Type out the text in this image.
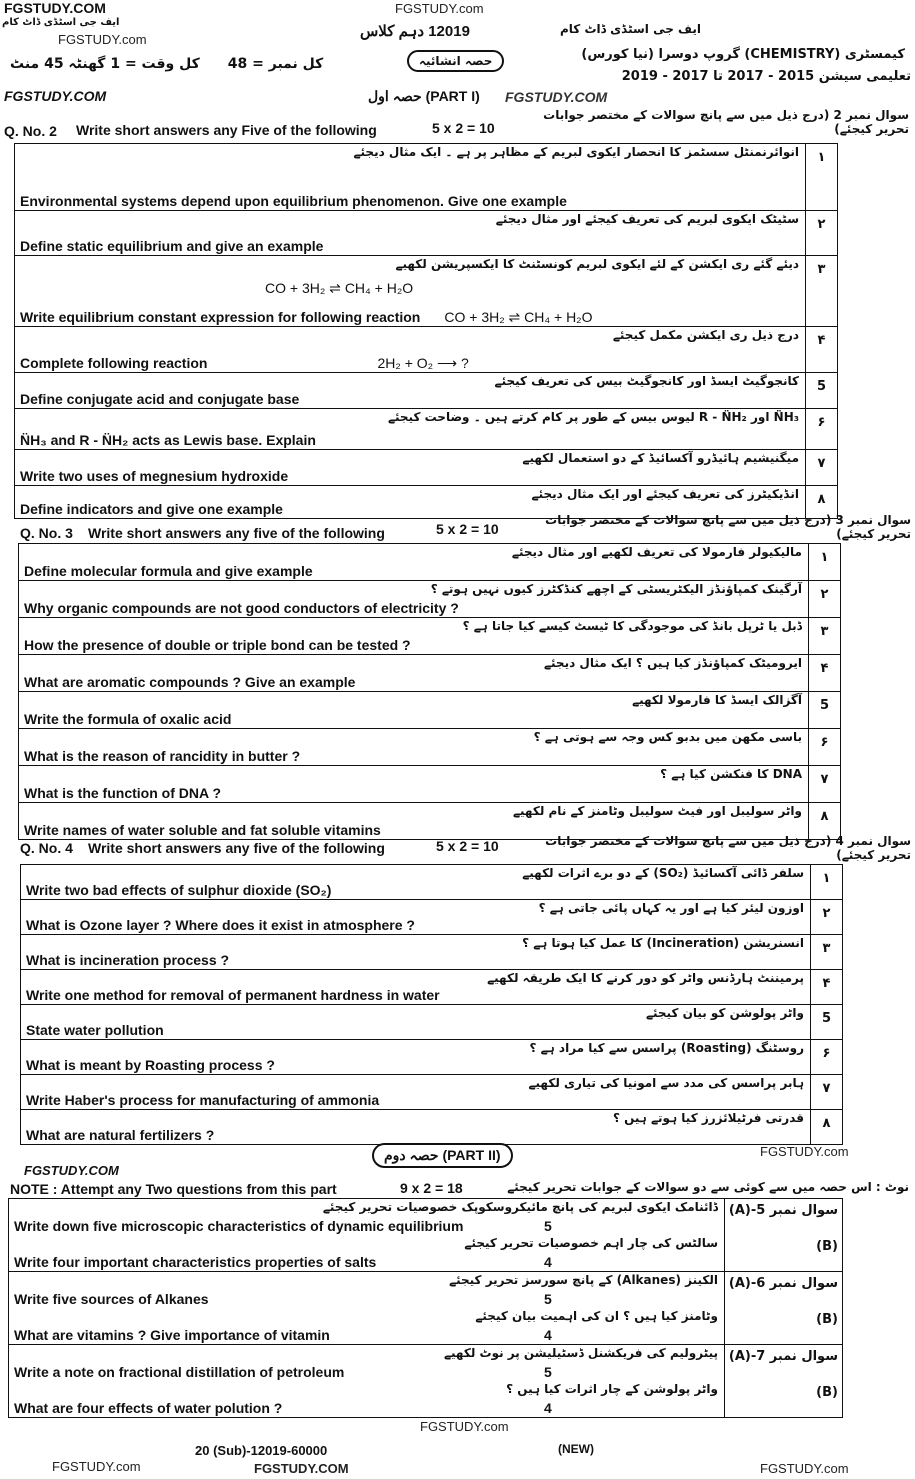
FGSTUDY.COM	FGSTUDY.com
ایف جی اسٹڈی ڈاٹ کام
FGSTUDY.com	12019 دہم کلاس	ایف جی اسٹڈی ڈاٹ کام
کیمسٹری (CHEMISTRY) گروپ دوسرا (نیا کورس)
تعلیمی سیشن 2015 - 2017 تا 2017 - 2019
کل وقت = 1 گھنٹہ 45 منٹ کل نمبر = 48	حصہ انشائیہ
FGSTUDY.COM	(PART I) حصہ اول FGSTUDY.COM
Q. No. 2 Write short answers any Five of the following	5 x 2 = 10
سوال نمبر 2 (درج ذیل میں سے پانچ سوالات کے مختصر جوابات تحریر کیجئے)
انوائرنمنٹل سسٹمز کا انحصار ایکوی لبریم کے مظاہر پر ہے ۔ ایک مثال دیجئے
Environmental systems depend upon equilibrium phenomenon. Give one example	۱

سٹیٹک ایکوی لبریم کی تعریف کیجئے اور مثال دیجئے
Define static equilibrium and give an example	۲

دیئے گئے ری ایکشن کے لئے ایکوی لبریم کونسٹنٹ کا ایکسپریشن لکھیے
CO + 3H₂ ⇌ CH₄ + H₂O
Write equilibrium constant expression for following reaction CO + 3H₂ ⇌ CH₄ + H₂O	۳

درج ذیل ری ایکشن مکمل کیجئے
Complete following reaction 2H₂ + O₂ ⟶ ?	۴

کانجوگیٹ ایسڈ اور کانجوگیٹ بیس کی تعریف کیجئے
Define conjugate acid and conjugate base	5

N̈H₃ اور R - N̈H₂ لیوس بیس کے طور پر کام کرتے ہیں ۔ وضاحت کیجئے
N̈H₃ and R - N̈H₂ acts as Lewis base. Explain	۶

میگنیشیم ہائیڈرو آکسائیڈ کے دو استعمال لکھیے
Write two uses of megnesium hydroxide	۷

انڈیکیٹرز کی تعریف کیجئے اور ایک مثال دیجئے
Define indicators and give one example	۸
Q. No. 3 Write short answers any five of the following	5 x 2 = 10
سوال نمبر 3 (درج ذیل میں سے پانچ سوالات کے مختصر جوابات تحریر کیجئے)
مالیکیولر فارمولا کی تعریف لکھیے اور مثال دیجئے
Define molecular formula and give example	۱

آرگینک کمپاؤنڈز الیکٹریسٹی کے اچھے کنڈکٹرز کیوں نہیں ہوتے ؟
Why organic compounds are not good conductors of electricity ?	۲

ڈبل یا ٹرپل بانڈ کی موجودگی کا ٹیسٹ کیسے کیا جاتا ہے ؟
How the presence of double or triple bond can be tested ?	۳

ایرومیٹک کمپاؤنڈز کیا ہیں ؟ ایک مثال دیجئے
What are aromatic compounds ? Give an example	۴

آگزالک ایسڈ کا فارمولا لکھیے
Write the formula of oxalic acid	5

باسی مکھن میں بدبو کس وجہ سے ہوتی ہے ؟
What is the reason of rancidity in butter ?	۶

DNA کا فنکشن کیا ہے ؟
What is the function of DNA ?	۷

واٹر سولیبل اور فیٹ سولیبل وٹامنز کے نام لکھیے
Write names of water soluble and fat soluble vitamins	۸
Q. No. 4 Write short answers any five of the following	5 x 2 = 10	سوال نمبر 4 (درج ذیل میں سے پانچ سوالات کے مختصر جوابات تحریر کیجئے)
سلفر ڈائی آکسائیڈ (SO₂) کے دو برے اثرات لکھیے
Write two bad effects of sulphur dioxide (SO₂)	۱

اوزون لیئر کیا ہے اور یہ کہاں پائی جاتی ہے ؟
What is Ozone layer ? Where does it exist in atmosphere ?	۲

انسنریشن (Incineration) کا عمل کیا ہوتا ہے ؟
What is incineration process ?	۳

پرمیننٹ ہارڈنس واٹر کو دور کرنے کا ایک طریقہ لکھیے
Write one method for removal of permanent hardness in water	۴

واٹر پولوشن کو بیان کیجئے
State water pollution	5

روسٹنگ (Roasting) پراسس سے کیا مراد ہے ؟
What is meant by Roasting process ?	۶

ہابر پراسس کی مدد سے امونیا کی تیاری لکھیے
Write Haber's process for manufacturing of ammonia	۷

قدرتی فرٹیلائزرز کیا ہوتے ہیں ؟
What are natural fertilizers ?	۸
(PART II) حصہ دوم	FGSTUDY.com
FGSTUDY.COM
NOTE : Attempt any Two questions from this part	9 x 2 = 18	نوٹ : اس حصہ میں سے کوئی سے دو سوالات کے جوابات تحریر کیجئے
ڈائنامک ایکوی لبریم کی پانچ مائیکروسکوپک خصوصیات تحریر کیجئے
Write down five microscopic characteristics of dynamic equilibrium 5	سوال نمبر 5-(A)

سالٹس کی چار اہم خصوصیات تحریر کیجئے
Write four important characteristics properties of salts 4	(B)

الکینز (Alkanes) کے پانچ سورسز تحریر کیجئے
Write five sources of Alkanes 5	سوال نمبر 6-(A)

وٹامنز کیا ہیں ؟ ان کی اہمیت بیان کیجئے
What are vitamins ? Give importance of vitamin 4	(B)

پیٹرولیم کی فریکشنل ڈسٹیلیشن پر نوٹ لکھیے
Write a note on fractional distillation of petroleum 5	سوال نمبر 7-(A)

واٹر پولوشن کے چار اثرات کیا ہیں ؟
What are four effects of water polution ? 4	(B)
FGSTUDY.com
20 (Sub)-12019-60000	(NEW)
FGSTUDY.com	FGSTUDY.COM	FGSTUDY.com
